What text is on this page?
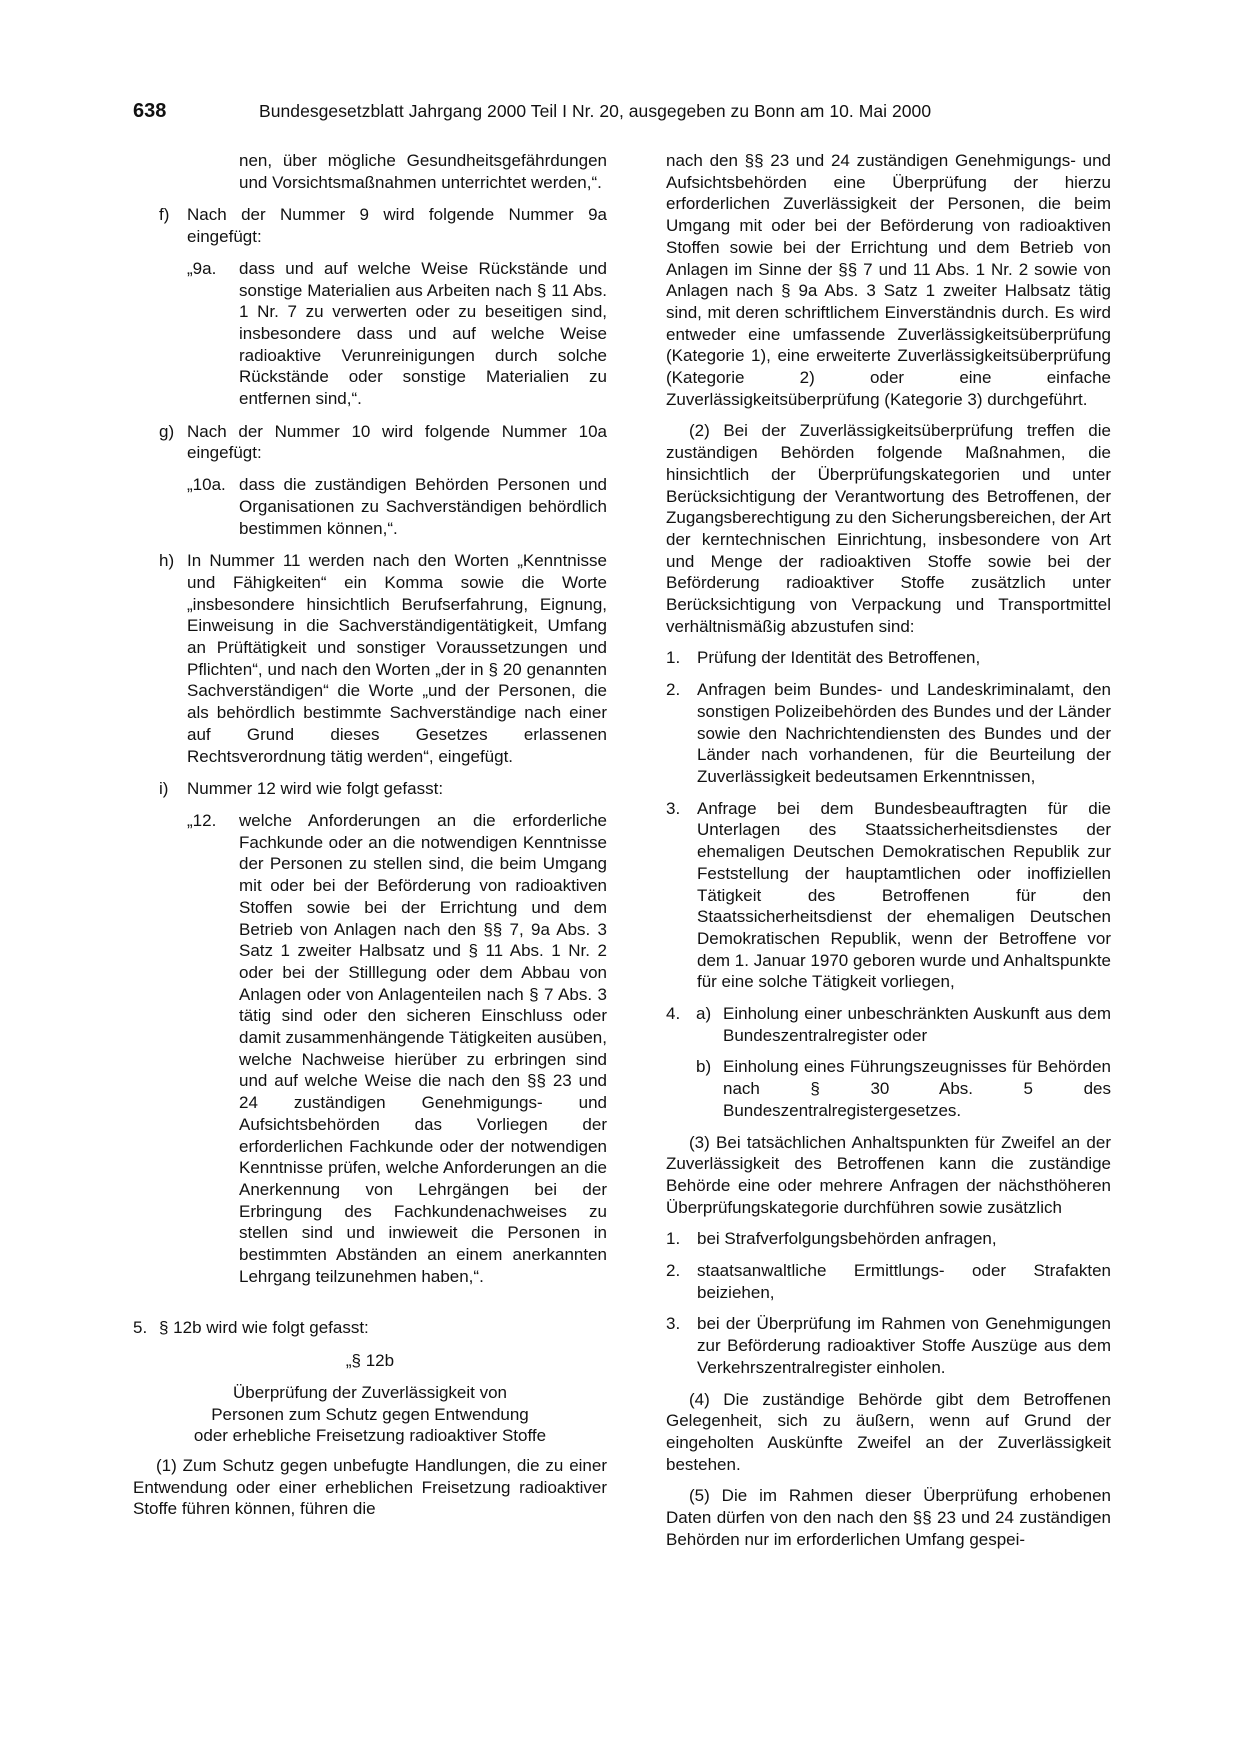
638	Bundesgesetzblatt Jahrgang 2000 Teil I Nr. 20, ausgegeben zu Bonn am 10. Mai 2000

nen, über mögliche Gesundheitsgefährdungen und Vorsichtsmaßnahmen unterrichtet werden,“.

f) Nach der Nummer 9 wird folgende Nummer 9a eingefügt:
„9a. dass und auf welche Weise Rückstände und sonstige Materialien aus Arbeiten nach § 11 Abs. 1 Nr. 7 zu verwerten oder zu beseitigen sind, insbesondere dass und auf welche Weise radioaktive Verunreinigungen durch solche Rückstände oder sonstige Materialien zu entfernen sind,“.
g) Nach der Nummer 10 wird folgende Nummer 10a eingefügt:
„10a. dass die zuständigen Behörden Personen und Organisationen zu Sachverständigen behördlich bestimmen können,“.
h) In Nummer 11 werden nach den Worten „Kenntnisse und Fähigkeiten“ ein Komma sowie die Worte „insbesondere hinsichtlich Berufserfahrung, Eignung, Einweisung in die Sachverständigentätigkeit, Umfang an Prüftätigkeit und sonstiger Voraussetzungen und Pflichten“, und nach den Worten „der in § 20 genannten Sachverständigen“ die Worte „und der Personen, die als behördlich bestimmte Sachverständige nach einer auf Grund dieses Gesetzes erlassenen Rechtsverordnung tätig werden“, eingefügt.
i) Nummer 12 wird wie folgt gefasst:
„12. welche Anforderungen an die erforderliche Fachkunde oder an die notwendigen Kenntnisse der Personen zu stellen sind, die beim Umgang mit oder bei der Beförderung von radioaktiven Stoffen sowie bei der Errichtung und dem Betrieb von Anlagen nach den §§ 7, 9a Abs. 3 Satz 1 zweiter Halbsatz und § 11 Abs. 1 Nr. 2 oder bei der Stilllegung oder dem Abbau von Anlagen oder von Anlagenteilen nach § 7 Abs. 3 tätig sind oder den sicheren Einschluss oder damit zusammenhängende Tätigkeiten ausüben, welche Nachweise hierüber zu erbringen sind und auf welche Weise die nach den §§ 23 und 24 zuständigen Genehmigungs- und Aufsichtsbehörden das Vorliegen der erforderlichen Fachkunde oder der notwendigen Kenntnisse prüfen, welche Anforderungen an die Anerkennung von Lehrgängen bei der Erbringung des Fachkundenachweises zu stellen sind und inwieweit die Personen in bestimmten Abständen an einem anerkannten Lehrgang teilzunehmen haben,“.
5. § 12b wird wie folgt gefasst:

„§ 12b

Überprüfung der Zuverlässigkeit von

Personen zum Schutz gegen Entwendung

oder erhebliche Freisetzung radioaktiver Stoffe

(1) Zum Schutz gegen unbefugte Handlungen, die zu einer Entwendung oder einer erheblichen Freisetzung radioaktiver Stoffe führen können, führen die

nach den §§ 23 und 24 zuständigen Genehmigungs- und Aufsichtsbehörden eine Überprüfung der hierzu erforderlichen Zuverlässigkeit der Personen, die beim Umgang mit oder bei der Beförderung von radioaktiven Stoffen sowie bei der Errichtung und dem Betrieb von Anlagen im Sinne der §§ 7 und 11 Abs. 1 Nr. 2 sowie von Anlagen nach § 9a Abs. 3 Satz 1 zweiter Halbsatz tätig sind, mit deren schriftlichem Einverständnis durch. Es wird entweder eine umfassende Zuverlässigkeitsüberprüfung (Kategorie 1), eine erweiterte Zuverlässigkeitsüberprüfung (Kategorie 2) oder eine einfache Zuverlässigkeitsüberprüfung (Kategorie 3) durchgeführt.

(2) Bei der Zuverlässigkeitsüberprüfung treffen die zuständigen Behörden folgende Maßnahmen, die hinsichtlich der Überprüfungskategorien und unter Berücksichtigung der Verantwortung des Betroffenen, der Zugangsberechtigung zu den Sicherungsbereichen, der Art der kerntechnischen Einrichtung, insbesondere von Art und Menge der radioaktiven Stoffe sowie bei der Beförderung radioaktiver Stoffe zusätzlich unter Berücksichtigung von Verpackung und Transportmittel verhältnismäßig abzustufen sind:

1. Prüfung der Identität des Betroffenen,
2. Anfragen beim Bundes- und Landeskriminalamt, den sonstigen Polizeibehörden des Bundes und der Länder sowie den Nachrichtendiensten des Bundes und der Länder nach vorhandenen, für die Beurteilung der Zuverlässigkeit bedeutsamen Erkenntnissen,
3. Anfrage bei dem Bundesbeauftragten für die Unterlagen des Staatssicherheitsdienstes der ehemaligen Deutschen Demokratischen Republik zur Feststellung der hauptamtlichen oder inoffiziellen Tätigkeit des Betroffenen für den Staatssicherheitsdienst der ehemaligen Deutschen Demokratischen Republik, wenn der Betroffene vor dem 1. Januar 1970 geboren wurde und Anhaltspunkte für eine solche Tätigkeit vorliegen,
4. a) Einholung einer unbeschränkten Auskunft aus dem Bundeszentralregister oder
b) Einholung eines Führungszeugnisses für Behörden nach § 30 Abs. 5 des Bundeszentralregistergesetzes.

(3) Bei tatsächlichen Anhaltspunkten für Zweifel an der Zuverlässigkeit des Betroffenen kann die zuständige Behörde eine oder mehrere Anfragen der nächsthöheren Überprüfungskategorie durchführen sowie zusätzlich

1. bei Strafverfolgungsbehörden anfragen,
2. staatsanwaltliche Ermittlungs- oder Strafakten beiziehen,
3. bei der Überprüfung im Rahmen von Genehmigungen zur Beförderung radioaktiver Stoffe Auszüge aus dem Verkehrszentralregister einholen.

(4) Die zuständige Behörde gibt dem Betroffenen Gelegenheit, sich zu äußern, wenn auf Grund der eingeholten Auskünfte Zweifel an der Zuverlässigkeit bestehen.

(5) Die im Rahmen dieser Überprüfung erhobenen Daten dürfen von den nach den §§ 23 und 24 zuständigen Behörden nur im erforderlichen Umfang gespei-
